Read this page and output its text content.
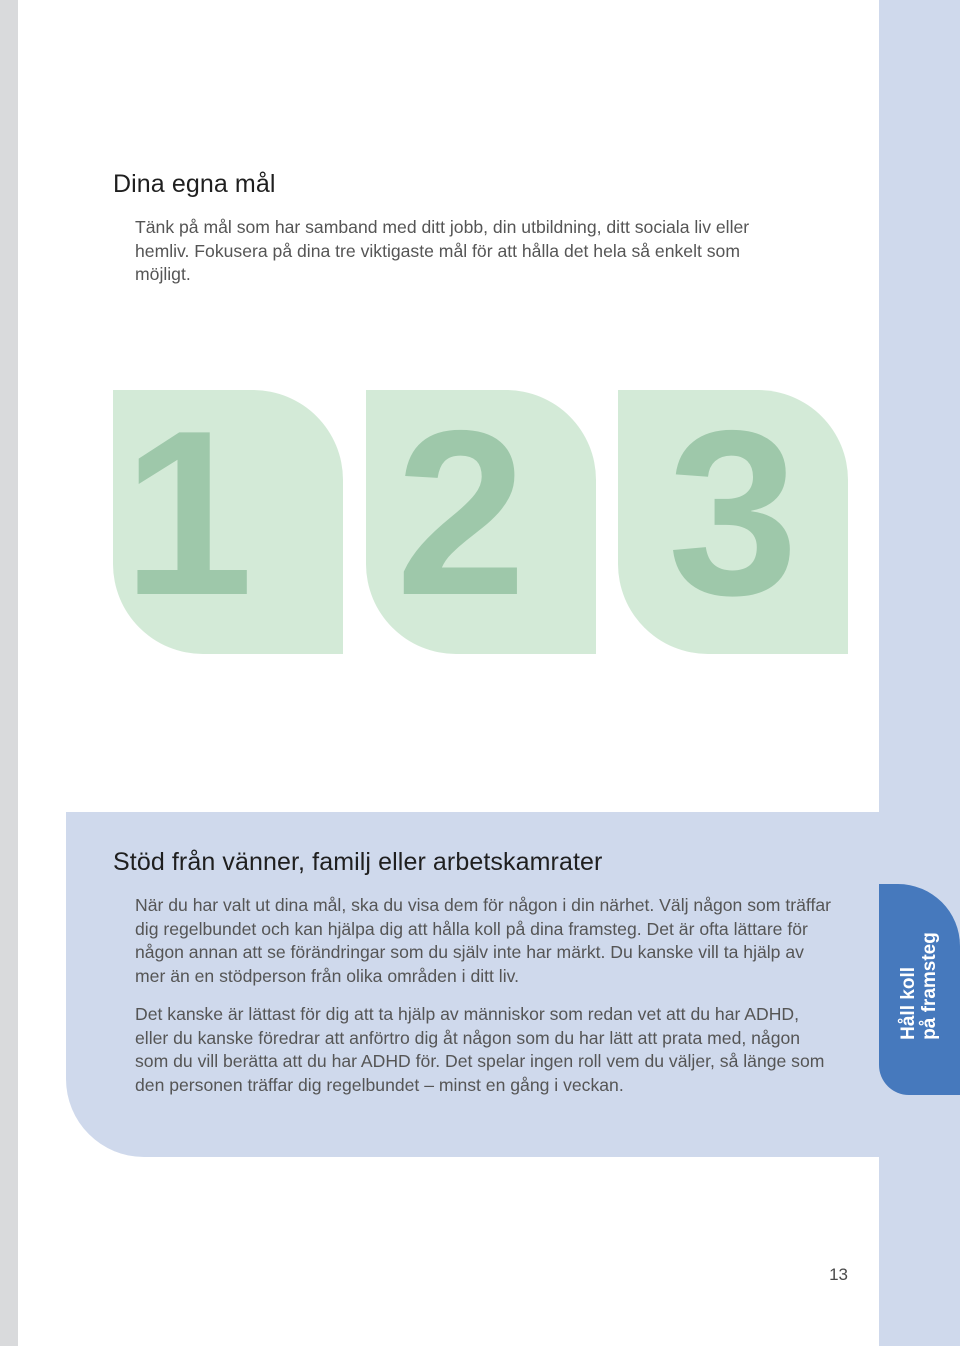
Dina egna mål

Tänk på mål som har samband med ditt jobb, din utbildning, ditt sociala liv eller hemliv. Fokusera på dina tre viktigaste mål för att hålla det hela så enkelt som möjligt.

1 2 3
Stöd från vänner, familj eller arbetskamrater

När du har valt ut dina mål, ska du visa dem för någon i din närhet. Välj någon som träffar dig regelbundet och kan hjälpa dig att hålla koll på dina framsteg. Det är ofta lättare för någon annan att se förändringar som du själv inte har märkt. Du kanske vill ta hjälp av mer än en stödperson från olika områden i ditt liv.

Det kanske är lättast för dig att ta hjälp av människor som redan vet att du har ADHD, eller du kanske föredrar att anförtro dig åt någon som du har lätt att prata med, någon som du vill berätta att du har ADHD för. Det spelar ingen roll vem du väljer, så länge som den personen träffar dig regelbundet – minst en gång i veckan.

Håll koll på framsteg
13
